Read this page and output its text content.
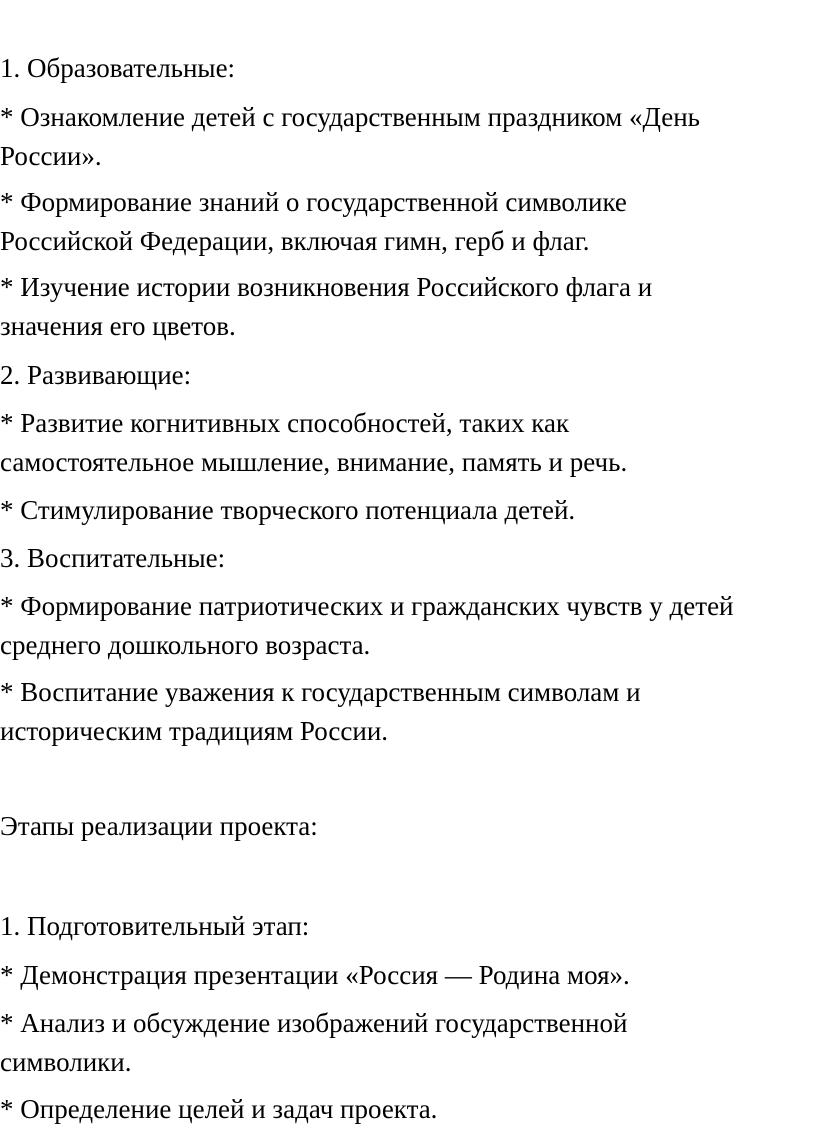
1. Образовательные:

* Ознакомление детей с государственным праздником «День
России».

* Формирование знаний о государственной символике
Российской Федерации, включая гимн, герб и флаг.

* Изучение истории возникновения Российского флага и
значения его цветов.

2. Развивающие:

* Развитие когнитивных способностей, таких как
самостоятельное мышление, внимание, память и речь.

* Стимулирование творческого потенциала детей.

3. Воспитательные:

* Формирование патриотических и гражданских чувств у детей
среднего дошкольного возраста.

* Воспитание уважения к государственным символам и
историческим традициям России.

Этапы реализации проекта:

1. Подготовительный этап:

* Демонстрация презентации «Россия — Родина моя».

* Анализ и обсуждение изображений государственной
символики.

* Определение целей и задач проекта.
